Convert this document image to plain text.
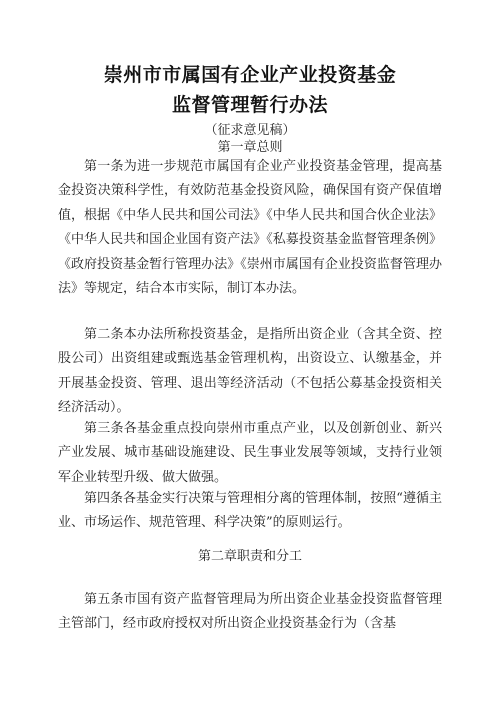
崇州市市属国有企业产业投资基金
监督管理暂行办法
（征求意见稿）
第一章总则

第一条为进一步规范市属国有企业产业投资基金管理，提高基金投资决策科学性，有效防范基金投资风险，确保国有资产保值增值，根据《中华人民共和国公司法》《中华人民共和国合伙企业法》《中华人民共和国企业国有资产法》《私募投资基金监督管理条例》《政府投资基金暂行管理办法》《崇州市属国有企业投资监督管理办法》等规定，结合本市实际，制订本办法。

第二条本办法所称投资基金，是指所出资企业（含其全资、控股公司）出资组建或甄选基金管理机构，出资设立、认缴基金，并开展基金投资、管理、退出等经济活动（不包括公募基金投资相关经济活动）。

第三条各基金重点投向崇州市重点产业，以及创新创业、新兴产业发展、城市基础设施建设、民生事业发展等领域，支持行业领军企业转型升级、做大做强。

第四条各基金实行决策与管理相分离的管理体制，按照“遵循主业、市场运作、规范管理、科学决策”的原则运行。

第二章职责和分工

第五条市国有资产监督管理局为所出资企业基金投资监督管理主管部门，经市政府授权对所出资企业投资基金行为（含基
